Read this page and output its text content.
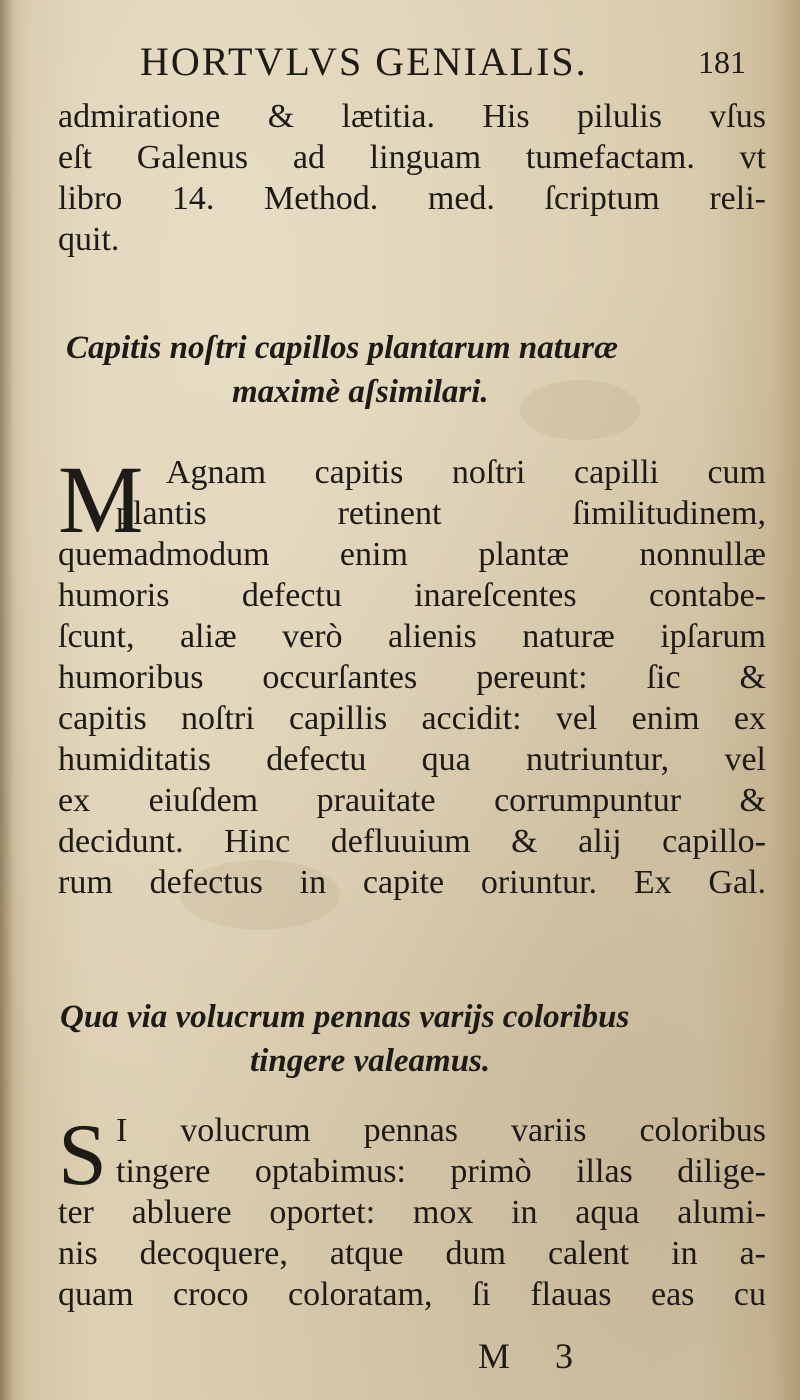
HORTVLVS GENIALIS.	181
admiratione & lætitia. His pilulis vſus
eſt Galenus ad linguam tumefactam. vt
libro 14. Method. med. ſcriptum reli-
quit.
Capitis noſtri capillos plantarum naturæ
maximè aſsimilari.
M Agnam capitis noſtri capilli cum
plantis retinent ſimilitudinem,
quemadmodum enim plantæ nonnullæ
humoris defectu inareſcentes contabe-
ſcunt, aliæ verò alienis naturæ ipſarum
humoribus occurſantes pereunt: ſic &
capitis noſtri capillis accidit: vel enim ex
humiditatis defectu qua nutriuntur, vel
ex eiuſdem prauitate corrumpuntur &
decidunt. Hinc defluuium & alij capillo-
rum defectus in capite oriuntur. Ex Gal.
Qua via volucrum pennas varijs coloribus
tingere valeamus.
S I volucrum pennas variis coloribus
tingere optabimus: primò illas dilige-
ter abluere oportet: mox in aqua alumi-
nis decoquere, atque dum calent in a-
quam croco coloratam, ſi flauas eas cu
M 3
